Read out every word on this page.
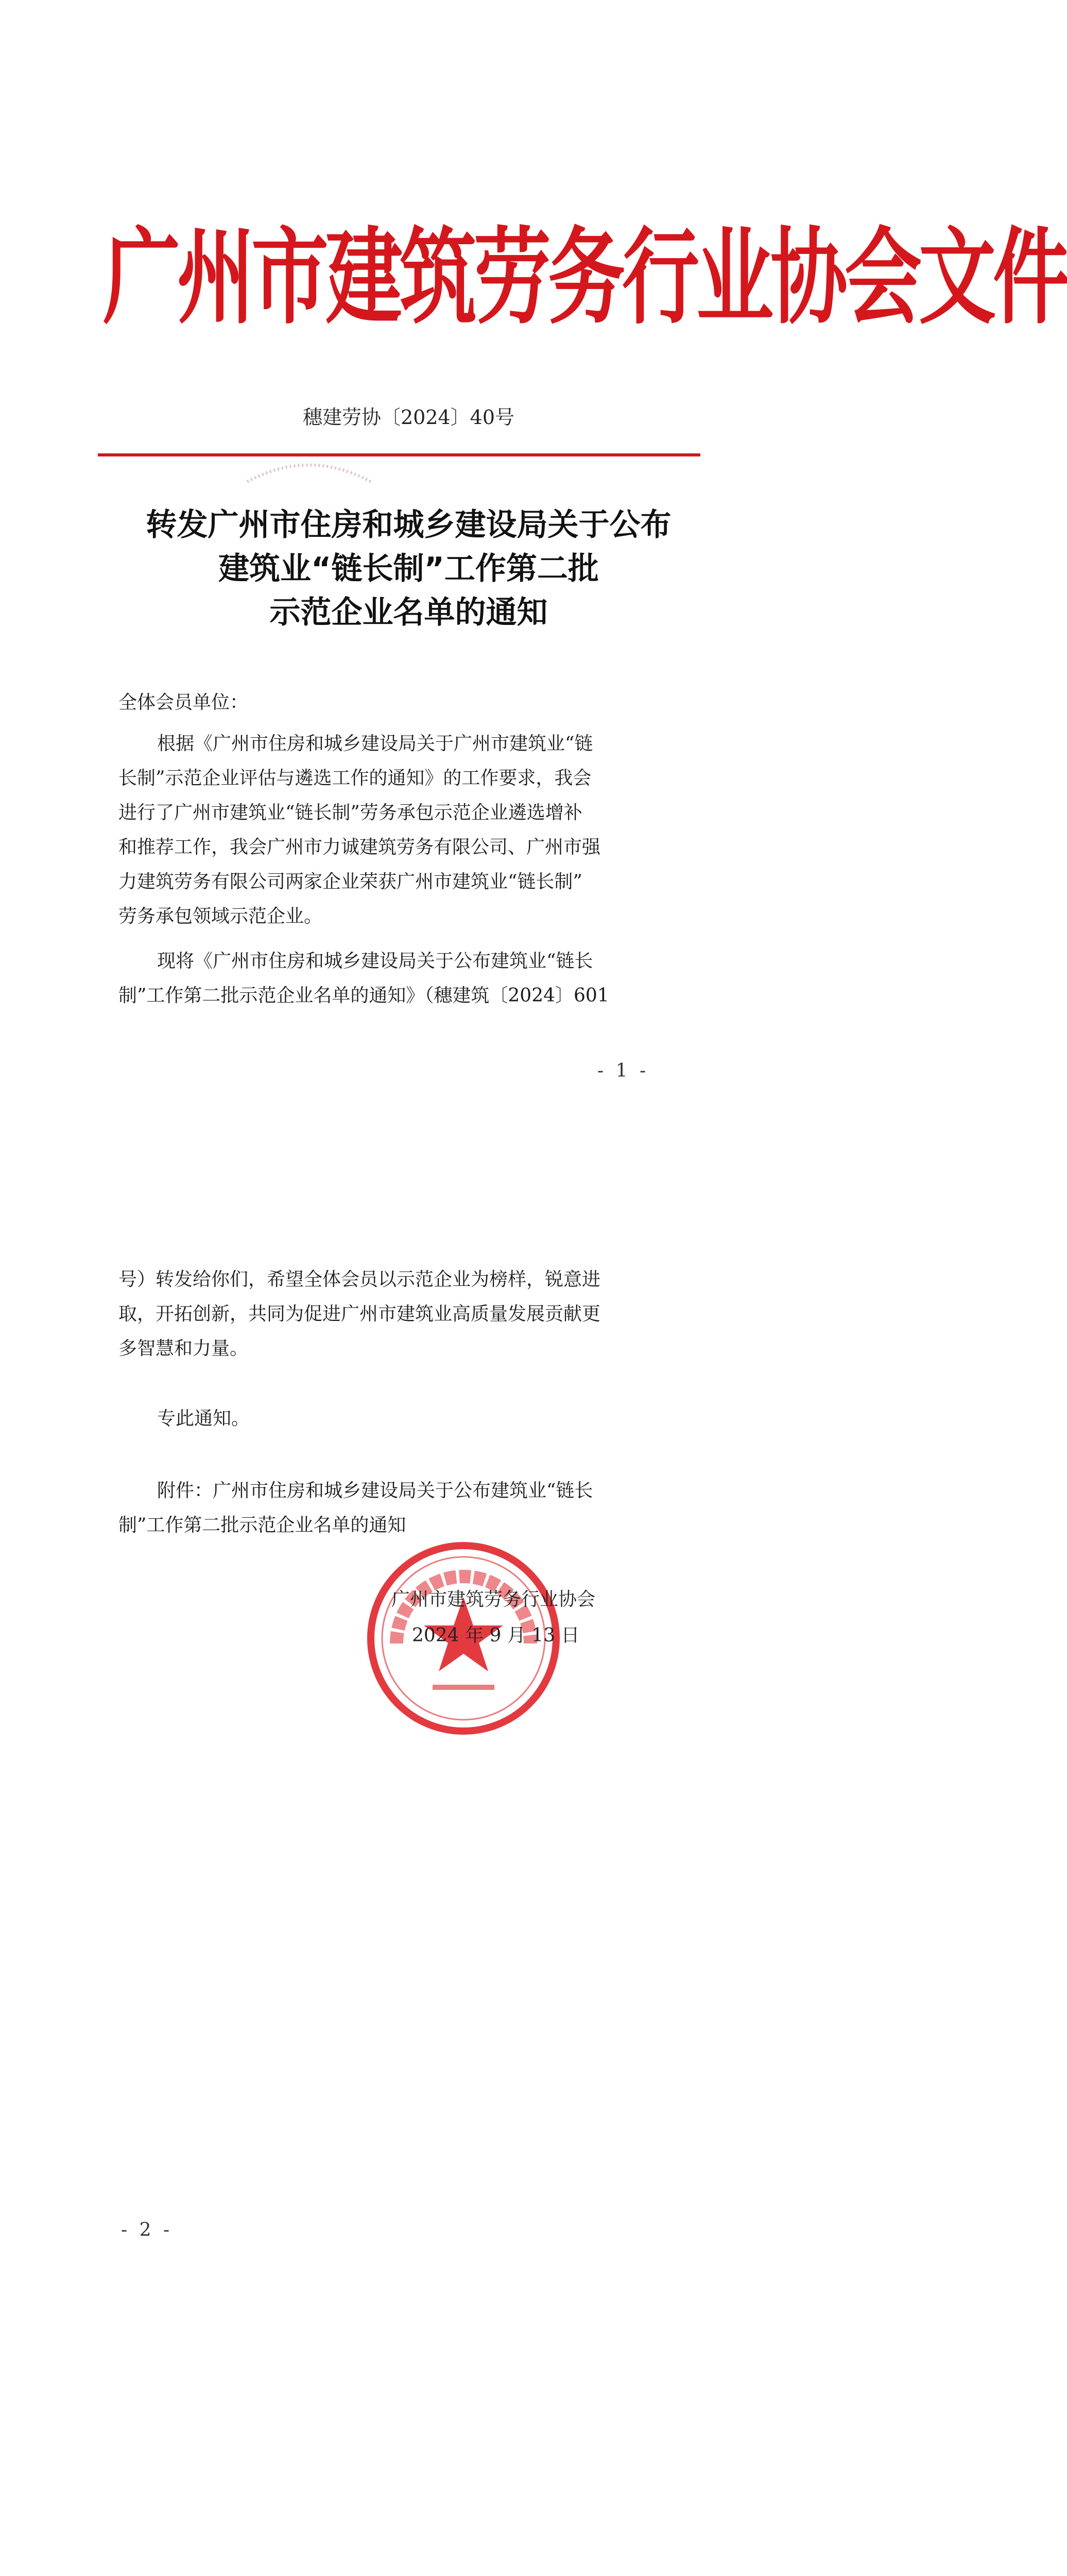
广州市建筑劳务行业协会文件
穗建劳协〔2024〕40号
转发广州市住房和城乡建设局关于公布
建筑业“链长制”工作第二批
示范企业名单的通知
全体会员单位：
根据《广州市住房和城乡建设局关于广州市建筑业“链
长制”示范企业评估与遴选工作的通知》的工作要求，我会
进行了广州市建筑业“链长制”劳务承包示范企业遴选增补
和推荐工作，我会广州市力诚建筑劳务有限公司、广州市强
力建筑劳务有限公司两家企业荣获广州市建筑业“链长制”
劳务承包领域示范企业。
现将《广州市住房和城乡建设局关于公布建筑业“链长
制”工作第二批示范企业名单的通知》（穗建筑〔2024〕601
- 1 -
号）转发给你们，希望全体会员以示范企业为榜样，锐意进
取，开拓创新，共同为促进广州市建筑业高质量发展贡献更
多智慧和力量。
专此通知。
附件：广州市住房和城乡建设局关于公布建筑业“链长
制”工作第二批示范企业名单的通知
广州市建筑劳务行业协会
2024 年 9 月 13 日
- 2 -
